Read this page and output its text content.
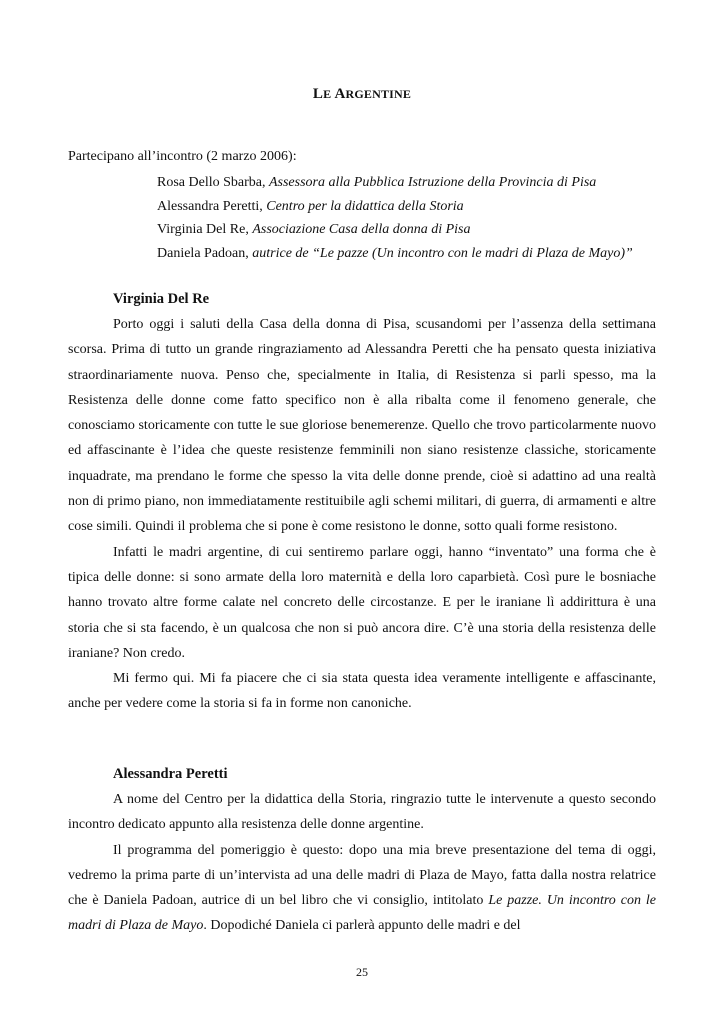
LE ARGENTINE
Partecipano all’incontro (2 marzo 2006):
Rosa Dello Sbarba, Assessora alla Pubblica Istruzione della Provincia di Pisa
Alessandra Peretti, Centro per la didattica della Storia
Virginia Del Re, Associazione Casa della donna di Pisa
Daniela Padoan, autrice de “Le pazze (Un incontro con le madri di Plaza de Mayo)”
Virginia Del Re

Porto oggi i saluti della Casa della donna di Pisa, scusandomi per l’assenza della settimana scorsa. Prima di tutto un grande ringraziamento ad Alessandra Peretti che ha pensato questa iniziativa straordinariamente nuova. Penso che, specialmente in Italia, di Resistenza si parli spesso, ma la Resistenza delle donne come fatto specifico non è alla ribalta come il fenomeno generale, che conosciamo storicamente con tutte le sue gloriose benemerenze. Quello che trovo particolarmente nuovo ed affascinante è l’idea che queste resistenze femminili non siano resistenze classiche, storicamente inquadrate, ma prendano le forme che spesso la vita delle donne prende, cioè si adattino ad una realtà non di primo piano, non immediatamente restituibile agli schemi militari, di guerra, di armamenti e altre cose simili. Quindi il problema che si pone è come resistono le donne, sotto quali forme resistono.

Infatti le madri argentine, di cui sentiremo parlare oggi, hanno “inventato” una forma che è tipica delle donne: si sono armate della loro maternità e della loro caparbietà. Così pure le bosniache hanno trovato altre forme calate nel concreto delle circostanze. E per le iraniane lì addirittura è una storia che si sta facendo, è un qualcosa che non si può ancora dire. C’è una storia della resistenza delle iraniane? Non credo.

Mi fermo qui. Mi fa piacere che ci sia stata questa idea veramente intelligente e affascinante, anche per vedere come la storia si fa in forme non canoniche.

Alessandra Peretti

A nome del Centro per la didattica della Storia, ringrazio tutte le intervenute a questo secondo incontro dedicato appunto alla resistenza delle donne argentine.

Il programma del pomeriggio è questo: dopo una mia breve presentazione del tema di oggi, vedremo la prima parte di un’intervista ad una delle madri di Plaza de Mayo, fatta dalla nostra relatrice che è Daniela Padoan, autrice di un bel libro che vi consiglio, intitolato Le pazze. Un incontro con le madri di Plaza de Mayo. Dopodiché Daniela ci parlerà appunto delle madri e del

25
